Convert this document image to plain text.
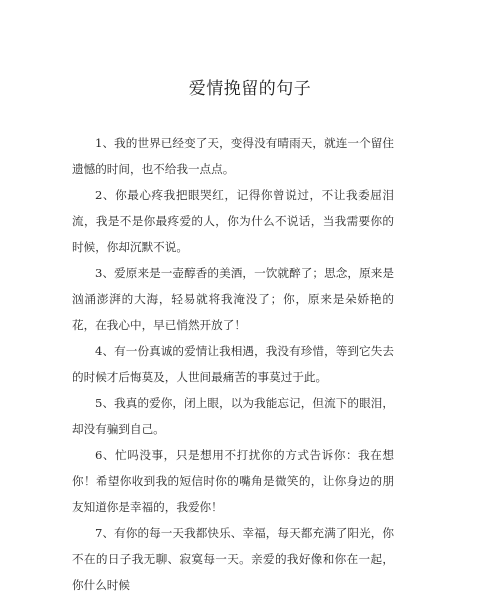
爱情挽留的句子

1、我的世界已经变了天，变得没有晴雨天，就连一个留住遗憾的时间，也不给我一点点。

2、你最心疼我把眼哭红，记得你曾说过，不让我委屈泪流，我是不是你最疼爱的人，你为什么不说话，当我需要你的时候，你却沉默不说。

3、爱原来是一壶醇香的美酒，一饮就醉了；思念，原来是汹涌澎湃的大海，轻易就将我淹没了；你，原来是朵娇艳的花，在我心中，早已悄然开放了！

4、有一份真诚的爱情让我相遇，我没有珍惜，等到它失去的时候才后悔莫及，人世间最痛苦的事莫过于此。

5、我真的爱你，闭上眼，以为我能忘记，但流下的眼泪，却没有骗到自己。

6、忙吗没事，只是想用不打扰你的方式告诉你：我在想你！希望你收到我的短信时你的嘴角是微笑的，让你身边的朋友知道你是幸福的，我爱你！

7、有你的每一天我都快乐、幸福，每天都充满了阳光，你不在的日子我无聊、寂寞每一天。亲爱的我好像和你在一起，你什么时候
